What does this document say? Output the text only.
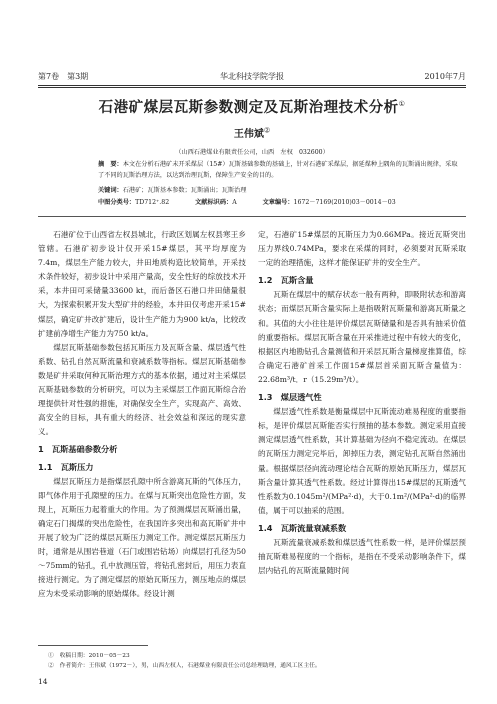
第7卷　第3期	华北科技学院学报	2010年7月
石港矿煤层瓦斯参数测定及瓦斯治理技术分析①
王伟斌②
（山西石港煤业有限责任公司，山西　左权　032600）
摘　要：本文在分析石港矿未开采煤层（15#）瓦斯基础参数的基础上，针对石港矿采煤层，据延煤种上隅角的瓦斯涌出规律，采取了不同的瓦斯治理方法，以达到治理瓦斯，保障生产安全的目的。
关键词：石港矿；瓦斯基本参数；瓦斯涌出；瓦斯治理
中图分类号：TD712⁺.82	文献标识码：A	文章编号：1672－7169(2010)03－0014－03

石港矿位于山西省左权县城北，行政区划属左权县寒王乡管辖。石港矿初步设计仅开采15#煤层，其平均厚度为7.4m，煤层生产能力较大，井田地质构造比较简单，开采技术条件较好，初步设计中采用产量高，安全性好的综放技术开采，本井田可采储量33600 kt，而后备区石港口井田储量很大，为探索积累开发大型矿井的经验，本井田仅考虑开采15#煤层，确定矿井改扩建后，设计生产能力为900 kt/a，比较改扩建前净增生产能力为750 kt/a。

煤层瓦斯基础参数包括瓦斯压力及瓦斯含量、煤层透气性系数、钻孔自然瓦斯流量和衰减系数等指标。煤层瓦斯基础参数是矿井采取何种瓦斯治理方式的基本依据，通过对主采煤层瓦斯基础参数的分析研究，可以为主采煤层工作面瓦斯综合治理提供针对性强的措施，对确保安全生产，实现高产、高效、高安全的目标，具有重大的经济、社会效益和深远的现实意义。

1　瓦斯基础参数分析
1.1　瓦斯压力

煤层瓦斯压力是指煤层孔隙中所含游离瓦斯的气体压力，即气体作用于孔隙壁的压力。在煤与瓦斯突出危险性方面，发现上，瓦斯压力起着重大的作用。为了预测煤层瓦斯涌出量，确定石门揭煤的突出危险性，在我国许多突出和高瓦斯矿井中开展了较为广泛的煤层瓦斯压力测定工作。测定煤层瓦斯压力时，通常是从围岩巷道（石门或围岩钻场）向煤层打孔径为50～75mm的钻孔，孔中放测压管，将钻孔密封后，用压力表直接进行测定。为了测定煤层的原始瓦斯压力，测压地点的煤层应为未受采动影响的原始煤体。经设计测

定，石港矿15#煤层的瓦斯压力为0.66MPa。接近瓦斯突出压力界线0.74MPa，要求在采煤的同时，必须要对瓦斯采取一定的治理措施，这样才能保证矿井的安全生产。

1.2　瓦斯含量

瓦斯在煤层中的赋存状态一般有两种，即吸附状态和游离状态；而煤层瓦斯含量实际上是指吸附瓦斯量和游离瓦斯量之和。其值的大小往往是评价煤层瓦斯储量和是否具有抽采价值的重要指标。煤层瓦斯含量在开采推进过程中有较大的变化，根据区内地勘钻孔含量测值和开采层瓦斯含量梯度推算值，综合确定石港矿首采工作面15#煤层首采面瓦斯含量值为：22.68m³/t．r（15.29m³/t）。

1.3　煤层透气性

煤层透气性系数是衡量煤层中瓦斯流动难易程度的重要指标，是评价煤层瓦斯能否实行预抽的基本参数。测定采用直接测定煤层透气性系数，其计算基础为径向不稳定流动。在煤层的瓦斯压力测定完毕后，卸掉压力表，测定钻孔瓦斯自然涌出量。根据煤层径向流动理论结合瓦斯的原始瓦斯压力，煤层瓦斯含量计算其透气性系数。经过计算得出15#煤层的瓦斯透气性系数为0.1045m²/(MPa²·d)，大于0.1m²/(MPa²·d)的临界值，属于可以抽采的范围。

1.4　瓦斯流量衰减系数

瓦斯流量衰减系数和煤层透气性系数一样，是评价煤层预抽瓦斯难易程度的一个指标，是指在不受采动影响条件下，煤层内钻孔的瓦斯流量随时间

①　收稿日期：2010－05－23
②　作者简介：王伟斌（1972－），男，山西左权人，石港煤业有限责任公司总经理助理，通风工区主任。
14
